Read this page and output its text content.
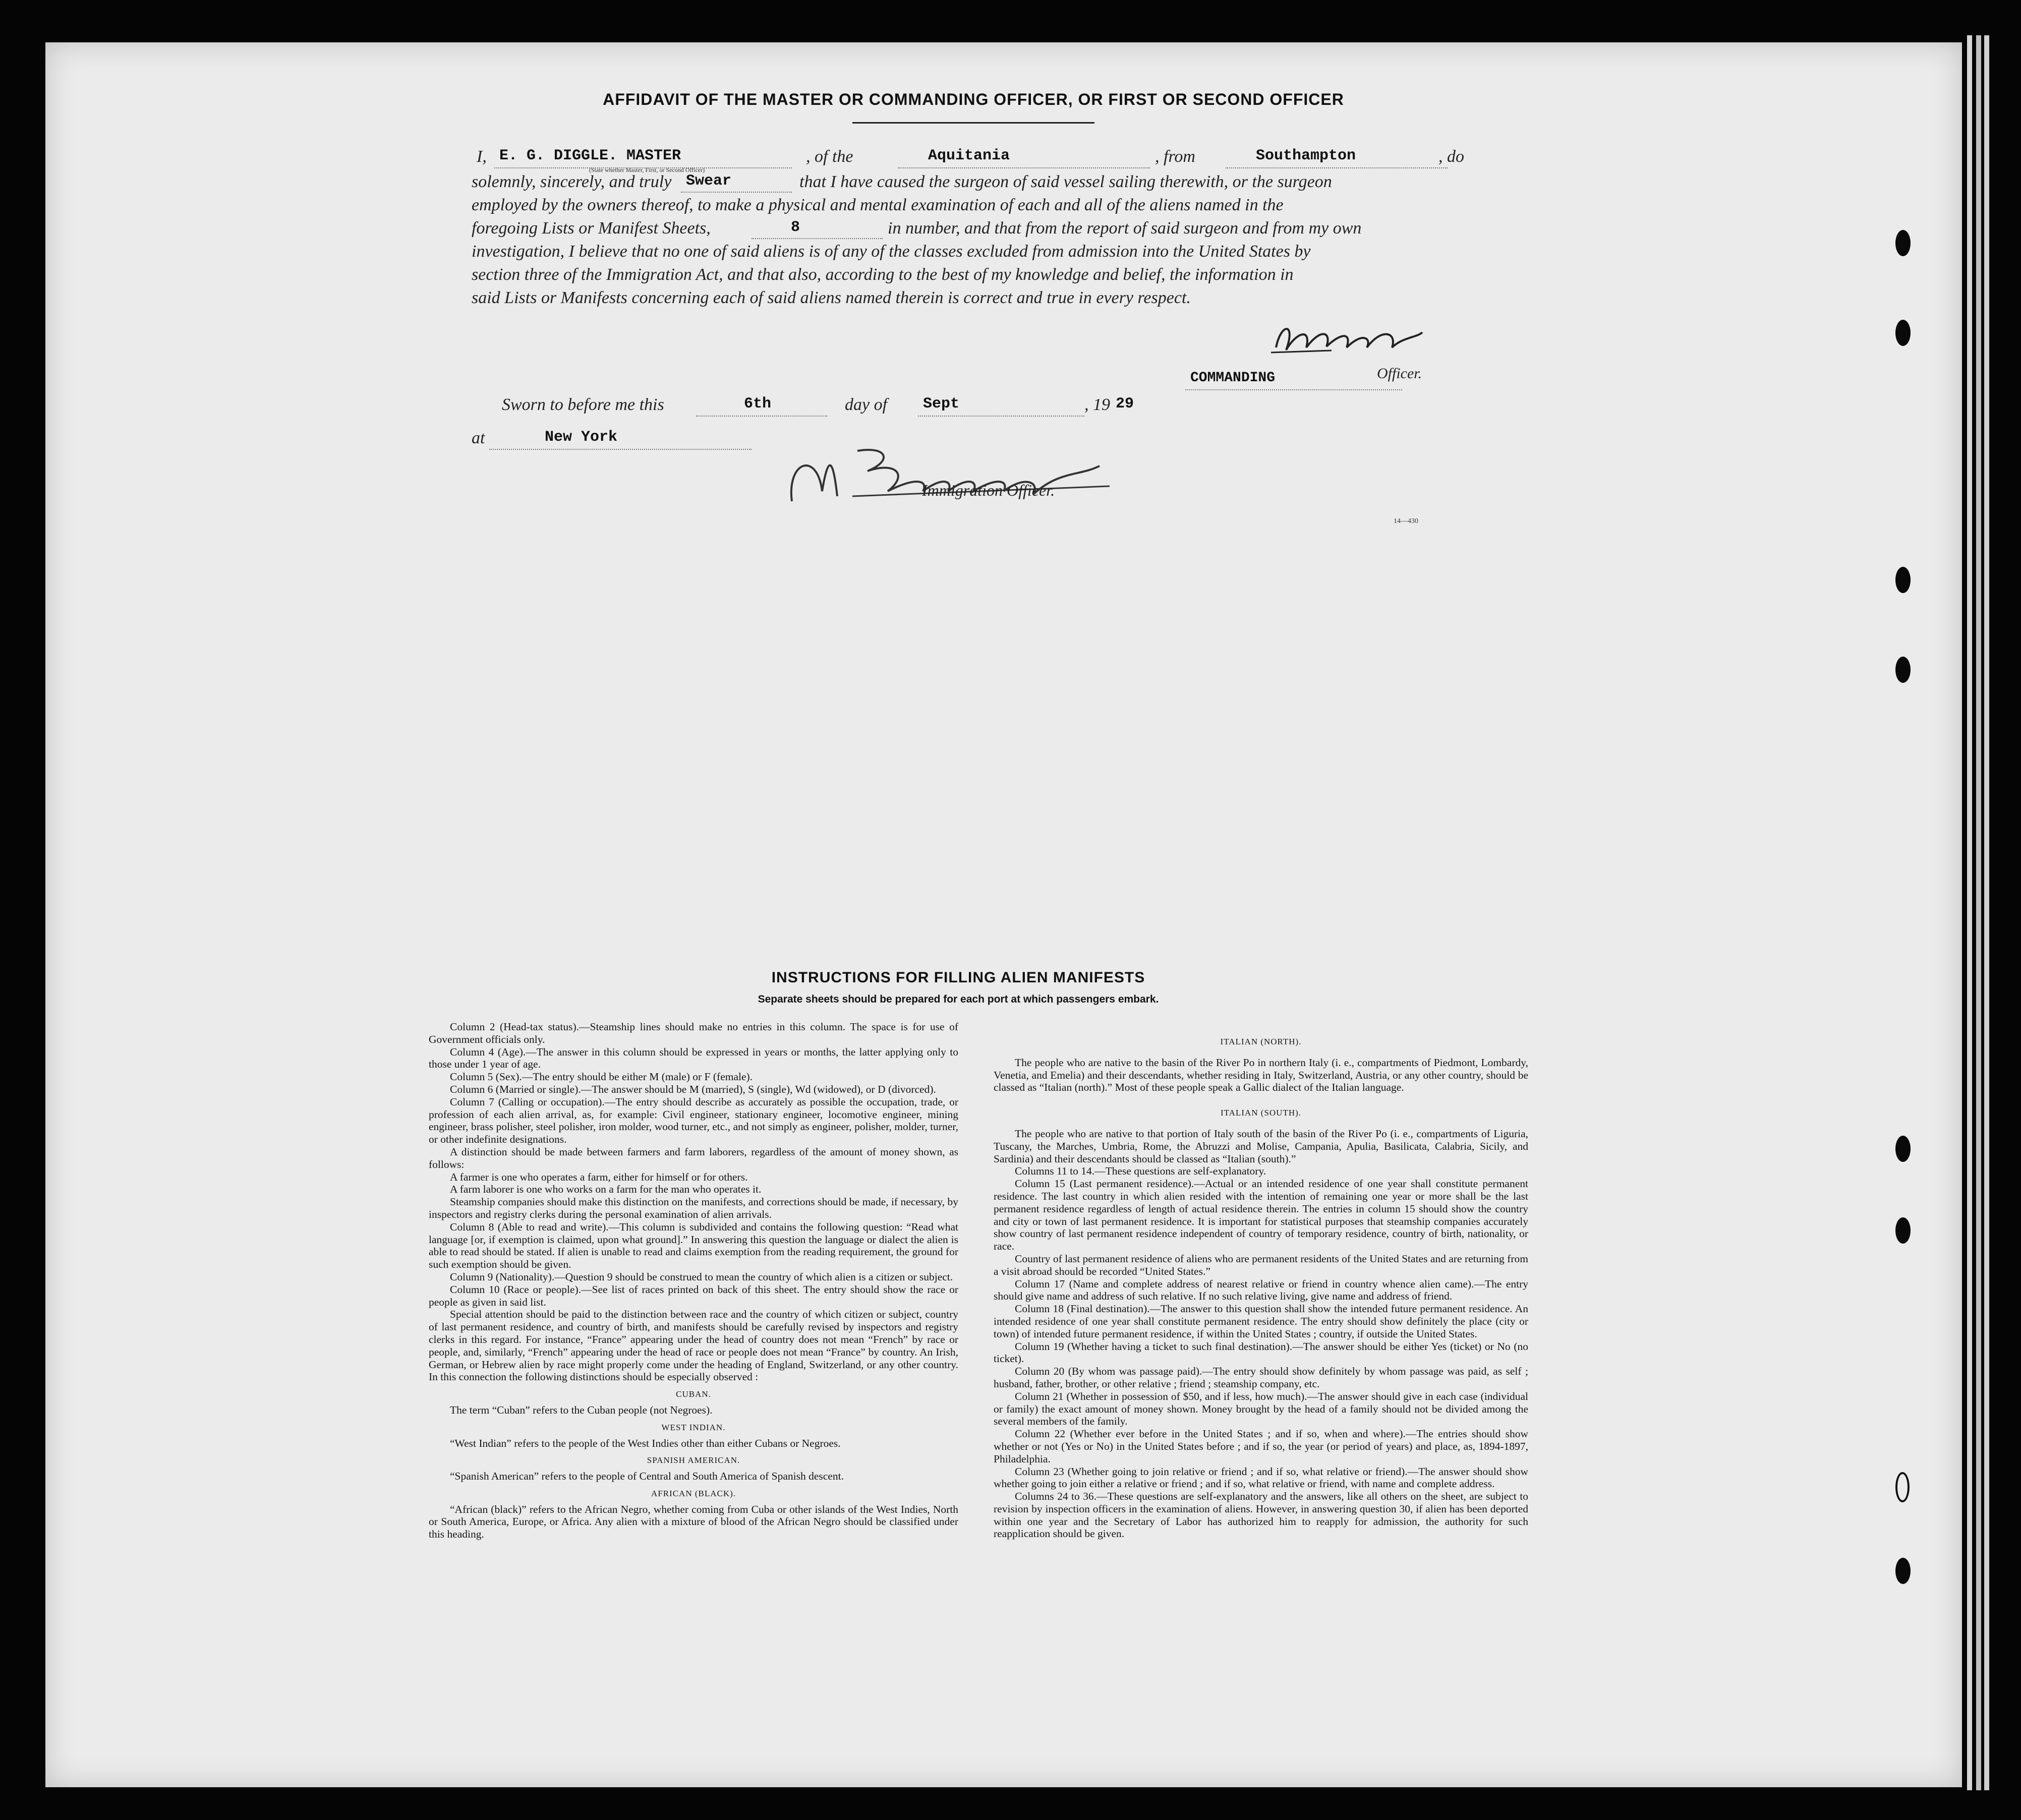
AFFIDAVIT OF THE MASTER OR COMMANDING OFFICER, OR FIRST OR SECOND OFFICER
I, E. G. DIGGLE. MASTER
(State whether Master, First, or Second Officer)
, of the	Aquitania	, from	Southampton	, do
solemnly, sincerely, and truly Swear	that I have caused the surgeon of said vessel sailing therewith, or the surgeon
employed by the owners thereof, to make a physical and mental examination of each and all of the aliens named in the
foregoing Lists or Manifest Sheets,	8	in number, and that from the report of said surgeon and from my own
investigation, I believe that no one of said aliens is of any of the classes excluded from admission into the United States by
section three of the Immigration Act, and that also, according to the best of my knowledge and belief, the information in
said Lists or Manifests concerning each of said aliens named therein is correct and true in every respect.
COMMANDING	Officer.
Sworn to before me this	6th	day of Sept	, 19 29
at	New York
Immigration Officer.
14—430
INSTRUCTIONS FOR FILLING ALIEN MANIFESTS
Separate sheets should be prepared for each port at which passengers embark.

Column 2 (Head-tax status).—Steamship lines should make no entries in this column. The space is for use of Government officials only.

Column 4 (Age).—The answer in this column should be expressed in years or months, the latter applying only to those under 1 year of age.

Column 5 (Sex).—The entry should be either M (male) or F (female).

Column 6 (Married or single).—The answer should be M (married), S (single), Wd (widowed), or D (divorced).

Column 7 (Calling or occupation).—The entry should describe as accurately as possible the occupation, trade, or profession of each alien arrival, as, for example: Civil engineer, stationary engineer, locomotive engineer, mining engineer, brass polisher, steel polisher, iron molder, wood turner, etc., and not simply as engineer, polisher, molder, turner, or other indefinite designations.

A distinction should be made between farmers and farm laborers, regardless of the amount of money shown, as follows:

A farmer is one who operates a farm, either for himself or for others.

A farm laborer is one who works on a farm for the man who operates it.

Steamship companies should make this distinction on the manifests, and corrections should be made, if necessary, by inspectors and registry clerks during the personal examination of alien arrivals.

Column 8 (Able to read and write).—This column is subdivided and contains the following question: “Read what language [or, if exemption is claimed, upon what ground].” In answering this question the language or dialect the alien is able to read should be stated. If alien is unable to read and claims exemption from the reading requirement, the ground for such exemption should be given.

Column 9 (Nationality).—Question 9 should be construed to mean the country of which alien is a citizen or subject.

Column 10 (Race or people).—See list of races printed on back of this sheet. The entry should show the race or people as given in said list.

Special attention should be paid to the distinction between race and the country of which citizen or subject, country of last permanent residence, and country of birth, and manifests should be carefully revised by inspectors and registry clerks in this regard. For instance, “France” appearing under the head of country does not mean “French” by race or people, and, similarly, “French” appearing under the head of race or people does not mean “France” by country. An Irish, German, or Hebrew alien by race might properly come under the heading of England, Switzerland, or any other country. In this connection the following distinctions should be especially observed :

CUBAN.

The term “Cuban” refers to the Cuban people (not Negroes).

WEST INDIAN.

“West Indian” refers to the people of the West Indies other than either Cubans or Negroes.

SPANISH AMERICAN.

“Spanish American” refers to the people of Central and South America of Spanish descent.

AFRICAN (BLACK).

“African (black)” refers to the African Negro, whether coming from Cuba or other islands of the West Indies, North or South America, Europe, or Africa. Any alien with a mixture of blood of the African Negro should be classified under this heading.

ITALIAN (NORTH).

The people who are native to the basin of the River Po in northern Italy (i. e., compartments of Piedmont, Lombardy, Venetia, and Emelia) and their descendants, whether residing in Italy, Switzerland, Austria, or any other country, should be classed as “Italian (north).” Most of these people speak a Gallic dialect of the Italian language.

ITALIAN (SOUTH).

The people who are native to that portion of Italy south of the basin of the River Po (i. e., compartments of Liguria, Tuscany, the Marches, Umbria, Rome, the Abruzzi and Molise, Campania, Apulia, Basilicata, Calabria, Sicily, and Sardinia) and their descendants should be classed as “Italian (south).”

Columns 11 to 14.—These questions are self-explanatory.

Column 15 (Last permanent residence).—Actual or an intended residence of one year shall constitute permanent residence. The last country in which alien resided with the intention of remaining one year or more shall be the last permanent residence regardless of length of actual residence therein. The entries in column 15 should show the country and city or town of last permanent residence. It is important for statistical purposes that steamship companies accurately show country of last permanent residence independent of country of temporary residence, country of birth, nationality, or race.

Country of last permanent residence of aliens who are permanent residents of the United States and are returning from a visit abroad should be recorded “United States.”

Column 17 (Name and complete address of nearest relative or friend in country whence alien came).—The entry should give name and address of such relative. If no such relative living, give name and address of friend.

Column 18 (Final destination).—The answer to this question shall show the intended future permanent residence. An intended residence of one year shall constitute permanent residence. The entry should show definitely the place (city or town) of intended future permanent residence, if within the United States ; country, if outside the United States.

Column 19 (Whether having a ticket to such final destination).—The answer should be either Yes (ticket) or No (no ticket).

Column 20 (By whom was passage paid).—The entry should show definitely by whom passage was paid, as self ; husband, father, brother, or other relative ; friend ; steamship company, etc.

Column 21 (Whether in possession of $50, and if less, how much).—The answer should give in each case (individual or family) the exact amount of money shown. Money brought by the head of a family should not be divided among the several members of the family.

Column 22 (Whether ever before in the United States ; and if so, when and where).—The entries should show whether or not (Yes or No) in the United States before ; and if so, the year (or period of years) and place, as, 1894-1897, Philadelphia.

Column 23 (Whether going to join relative or friend ; and if so, what relative or friend).—The answer should show whether going to join either a relative or friend ; and if so, what relative or friend, with name and complete address.

Columns 24 to 36.—These questions are self-explanatory and the answers, like all others on the sheet, are subject to revision by inspection officers in the examination of aliens. However, in answering question 30, if alien has been deported within one year and the Secretary of Labor has authorized him to reapply for admission, the authority for such reapplication should be given.
